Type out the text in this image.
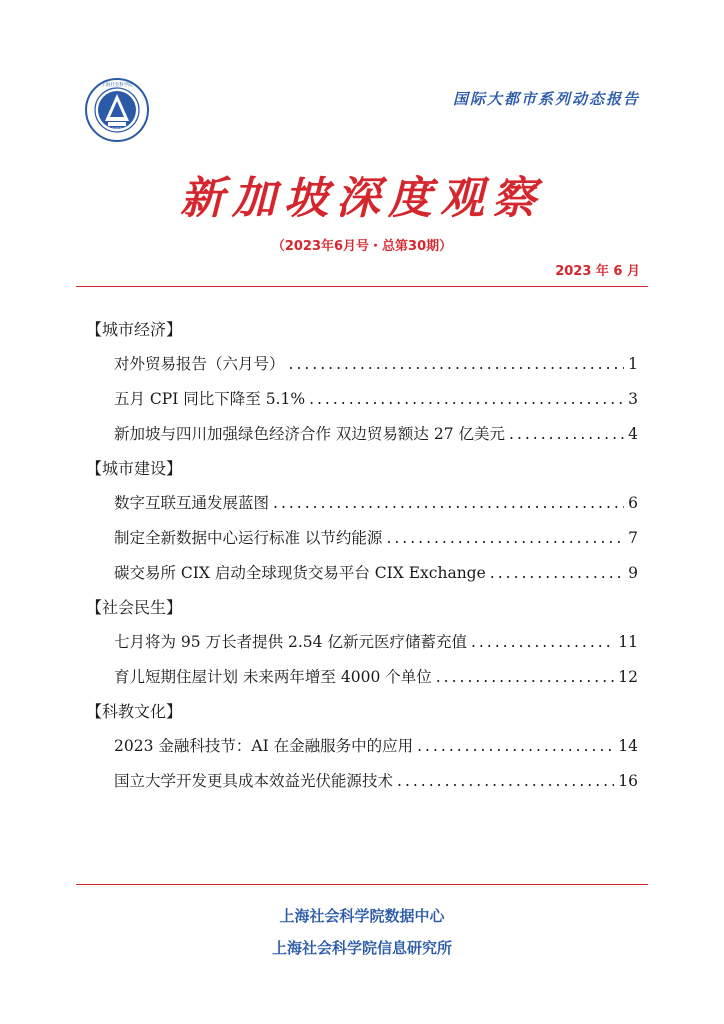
1958
上海社会科学院
国际大都市系列动态报告
新加坡深度观察
（2023年6月号・总第30期）
2023 年 6 月
【城市经济】
对外贸易报告（六月号） .....	1
五月 CPI 同比下降至 5.1% .....	3
新加坡与四川加强绿色经济合作 双边贸易额达 27 亿美元 .....	4
【城市建设】
数字互联互通发展蓝图 .....	6
制定全新数据中心运行标准 以节约能源 .....	7
碳交易所 CIX 启动全球现货交易平台 CIX Exchange .....	9
【社会民生】
七月将为 95 万长者提供 2.54 亿新元医疗储蓄充值 .....	11
育儿短期住屋计划 未来两年增至 4000 个单位 .....	12
【科教文化】
2023 金融科技节：AI 在金融服务中的应用 .....	14
国立大学开发更具成本效益光伏能源技术 .....	16
上海社会科学院数据中心
上海社会科学院信息研究所
